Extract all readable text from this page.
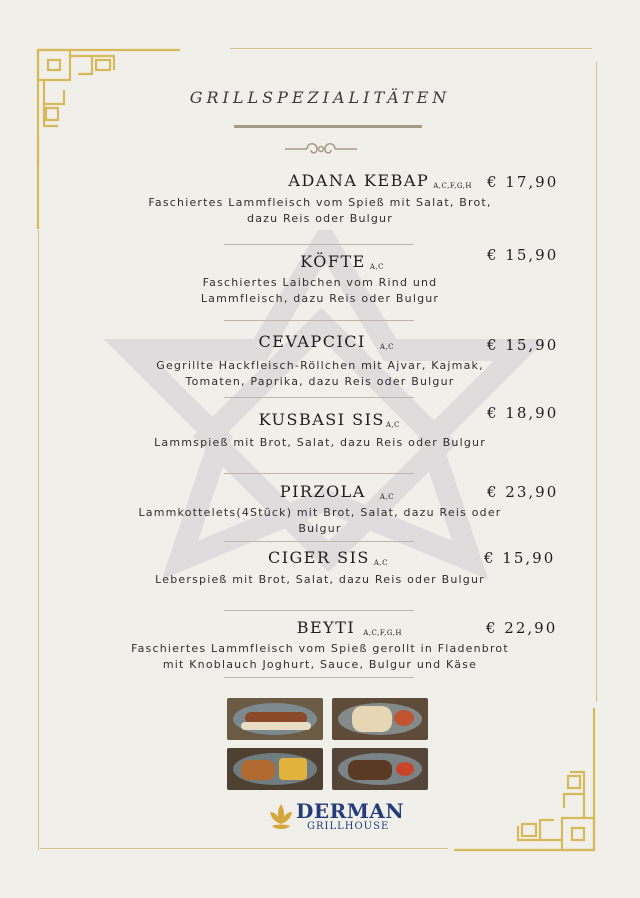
GRILLSPEZIALITÄTEN
ADANA KEBAP A,C,F,G,H € 17,90
Faschiertes Lammfleisch vom Spieß mit Salat, Brot,
dazu Reis oder Bulgur
KÖFTE A,C
€ 15,90
Faschiertes Laibchen vom Rind und
Lammfleisch, dazu Reis oder Bulgur
CEVAPCICI A,C	€ 15,90
Gegrillte Hackfleisch-Röllchen mit Ajvar, Kajmak,
Tomaten, Paprika, dazu Reis oder Bulgur
KUSBASI SISA,C
€ 18,90
Lammspieß mit Brot, Salat, dazu Reis oder Bulgur
PIRZOLA A,C	€ 23,90
Lammkottelets(4Stück) mit Brot, Salat, dazu Reis oder
Bulgur
CIGER SIS A,C	€ 15,90
Leberspieß mit Brot, Salat, dazu Reis oder Bulgur
BEYTI A,C,F,G,H	€ 22,90
Faschiertes Lammfleisch vom Spieß gerollt in Fladenbrot
mit Knoblauch Joghurt, Sauce, Bulgur und Käse
DERMAN
GRILLHOUSE
